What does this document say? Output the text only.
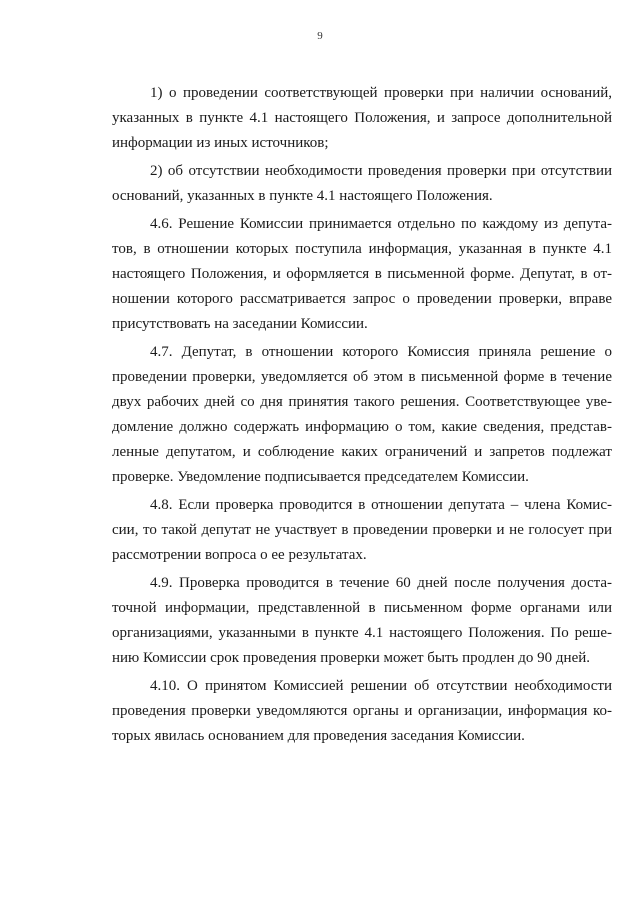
9
1) о проведении соответствующей проверки при наличии оснований,
указанных в пункте 4.1 настоящего Положения, и запросе дополнительной
информации из иных источников;
2) об отсутствии необходимости проведения проверки при отсутствии
оснований, указанных в пункте 4.1 настоящего Положения.
4.6. Решение Комиссии принимается отдельно по каждому из депута-
тов, в отношении которых поступила информация, указанная в пункте 4.1
настоящего Положения, и оформляется в письменной форме. Депутат, в от-
ношении которого рассматривается запрос о проведении проверки, вправе
присутствовать на заседании Комиссии.
4.7. Депутат, в отношении которого Комиссия приняла решение о
проведении проверки, уведомляется об этом в письменной форме в течение
двух рабочих дней со дня принятия такого решения. Соответствующее уве-
домление должно содержать информацию о том, какие сведения, представ-
ленные депутатом, и соблюдение каких ограничений и запретов подлежат
проверке. Уведомление подписывается председателем Комиссии.
4.8. Если проверка проводится в отношении депутата – члена Комис-
сии, то такой депутат не участвует в проведении проверки и не голосует при
рассмотрении вопроса о ее результатах.
4.9. Проверка проводится в течение 60 дней после получения доста-
точной информации, представленной в письменном форме органами или
организациями, указанными в пункте 4.1 настоящего Положения. По реше-
нию Комиссии срок проведения проверки может быть продлен до 90 дней.
4.10. О принятом Комиссией решении об отсутствии необходимости
проведения проверки уведомляются органы и организации, информация ко-
торых явилась основанием для проведения заседания Комиссии.
